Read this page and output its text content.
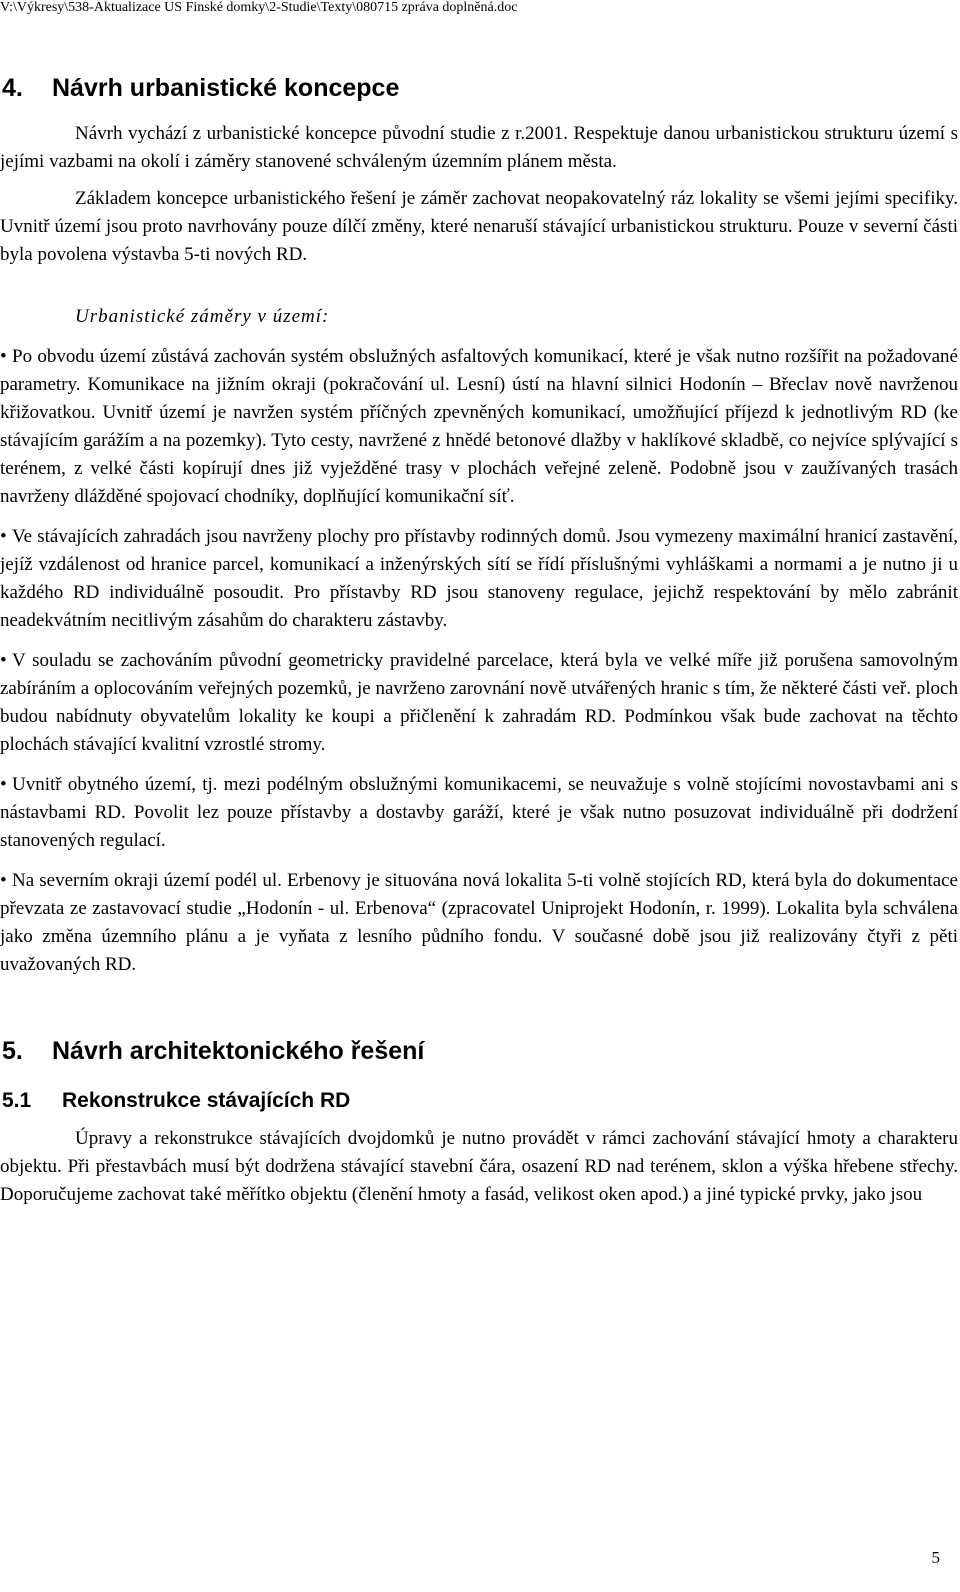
V:\Výkresy\538-Aktualizace US Finské domky\2-Studie\Texty\080715 zpráva doplněná.doc
4.	Návrh urbanistické koncepce

Návrh vychází z urbanistické koncepce původní studie z r.2001. Respektuje danou urbanistickou strukturu území s jejími vazbami na okolí i záměry stanovené schváleným územním plánem města.

Základem koncepce urbanistického řešení je záměr zachovat neopakovatelný ráz lokality se všemi jejími specifiky. Uvnitř území jsou proto navrhovány pouze dílčí změny, které nenaruší stávající urbanistickou strukturu. Pouze v severní části byla povolena výstavba 5-ti nových RD.

Urbanistické záměry v území:

• Po obvodu území zůstává zachován systém obslužných asfaltových komunikací, které je však nutno rozšířit na požadované parametry. Komunikace na jižním okraji (pokračování ul. Lesní) ústí na hlavní silnici Hodonín – Břeclav nově navrženou křižovatkou. Uvnitř území je navržen systém příčných zpevněných komunikací, umožňující příjezd k jednotlivým RD (ke stávajícím garážím a na pozemky). Tyto cesty, navržené z hnědé betonové dlažby v haklíkové skladbě, co nejvíce splývající s terénem, z velké části kopírují dnes již vyježděné trasy v plochách veřejné zeleně. Podobně jsou v zaužívaných trasách navrženy dlážděné spojovací chodníky, doplňující komunikační síť.

• Ve stávajících zahradách jsou navrženy plochy pro přístavby rodinných domů. Jsou vymezeny maximální hranicí zastavění, jejíž vzdálenost od hranice parcel, komunikací a inženýrských sítí se řídí příslušnými vyhláškami a normami a je nutno ji u každého RD individuálně posoudit. Pro přístavby RD jsou stanoveny regulace, jejichž respektování by mělo zabránit neadekvátním necitlivým zásahům do charakteru zástavby.

• V souladu se zachováním původní geometricky pravidelné parcelace, která byla ve velké míře již porušena samovolným zabíráním a oplocováním veřejných pozemků, je navrženo zarovnání nově utvářených hranic s tím, že některé části veř. ploch budou nabídnuty obyvatelům lokality ke koupi a přičlenění k zahradám RD. Podmínkou však bude zachovat na těchto plochách stávající kvalitní vzrostlé stromy.

• Uvnitř obytného území, tj. mezi podélným obslužnými komunikacemi, se neuvažuje s volně stojícími novostavbami ani s nástavbami RD. Povolit lez pouze přístavby a dostavby garáží, které je však nutno posuzovat individuálně při dodržení stanovených regulací.

• Na severním okraji území podél ul. Erbenovy je situována nová lokalita 5-ti volně stojících RD, která byla do dokumentace převzata ze zastavovací studie „Hodonín - ul. Erbenova“ (zpracovatel Uniprojekt Hodonín, r. 1999). Lokalita byla schválena jako změna územního plánu a je vyňata z lesního půdního fondu. V současné době jsou již realizovány čtyři z pěti uvažovaných RD.

5.	Návrh architektonického řešení
5.1	Rekonstrukce stávajících RD

Úpravy a rekonstrukce stávajících dvojdomků je nutno provádět v rámci zachování stávající hmoty a charakteru objektu. Při přestavbách musí být dodržena stávající stavební čára, osazení RD nad terénem, sklon a výška hřebene střechy. Doporučujeme zachovat také měřítko objektu (členění hmoty a fasád, velikost oken apod.) a jiné typické prvky, jako jsou

5
